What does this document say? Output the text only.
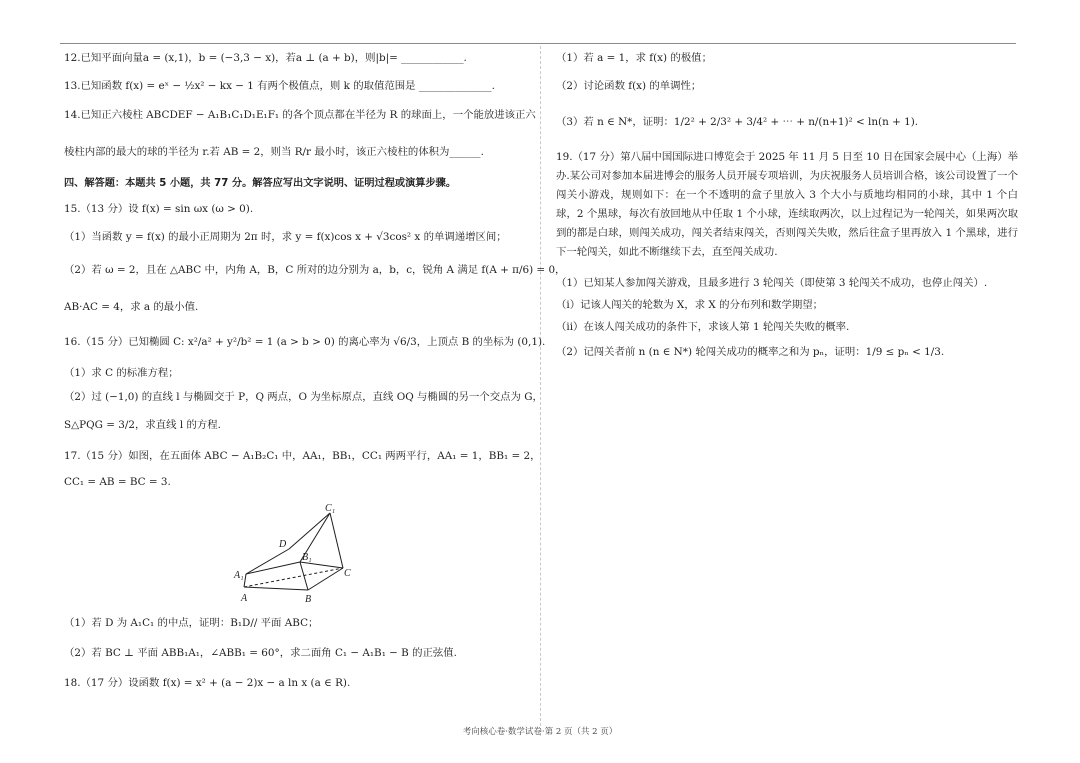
12.已知平面向量a = (x,1)，b = (−3,3 − x)，若a ⊥ (a + b)，则|b|= ____________.
13.已知函数 f(x) = eˣ − ½x² − kx − 1 有两个极值点，则 k 的取值范围是 ______________.
14.已知正六棱柱 ABCDEF − A₁B₁C₁D₁E₁F₁ 的各个顶点都在半径为 R 的球面上，一个能放进该正六
棱柱内部的最大的球的半径为 r.若 AB = 2，则当 R/r 最小时，该正六棱柱的体积为______.
四、解答题：本题共 5 小题，共 77 分。解答应写出文字说明、证明过程或演算步骤。
15.（13 分）设 f(x) = sin ωx (ω > 0).
（1）当函数 y = f(x) 的最小正周期为 2π 时，求 y = f(x)cos x + √3cos² x 的单调递增区间；
（2）若 ω = 2，且在 △ABC 中，内角 A，B，C 所对的边分别为 a，b，c，锐角 A 满足 f(A + π/6) = 0，
AB·AC = 4，求 a 的最小值.
16.（15 分）已知椭圆 C: x²/a² + y²/b² = 1 (a > b > 0) 的离心率为 √6/3，上顶点 B 的坐标为 (0,1).
（1）求 C 的标准方程；
（2）过 (−1,0) 的直线 l 与椭圆交于 P，Q 两点，O 为坐标原点，直线 OQ 与椭圆的另一个交点为 G，
S△PQG = 3/2，求直线 l 的方程.
17.（15 分）如图，在五面体 ABC − A₁B₂C₁ 中，AA₁，BB₁，CC₁ 两两平行，AA₁ = 1，BB₁ = 2，
CC₁ = AB = BC = 3.
（1）若 D 为 A₁C₁ 的中点，证明：B₁D// 平面 ABC；
（2）若 BC ⊥ 平面 ABB₁A₁，∠ABB₁ = 60°，求二面角 C₁ − A₁B₁ − B 的正弦值.
18.（17 分）设函数 f(x) = x² + (a − 2)x − a ln x (a ∈ R).
C₁
D
B₁
A₁	C
A	B
（1）若 a = 1，求 f(x) 的极值；
（2）讨论函数 f(x) 的单调性；
（3）若 n ∈ N*，证明：1/2² + 2/3² + 3/4² + ⋯ + n/(n+1)² < ln(n + 1).
19.（17 分）第八届中国国际进口博览会于 2025 年 11 月 5 日至 10 日在国家会展中心（上海）举办.某公司对参加本届进博会的服务人员开展专项培训，为庆祝服务人员培训合格，该公司设置了一个闯关小游戏，规则如下：在一个不透明的盒子里放入 3 个大小与质地均相同的小球，其中 1 个白球，2 个黑球，每次有放回地从中任取 1 个小球，连续取两次，以上过程记为一轮闯关，如果两次取到的都是白球，则闯关成功，闯关者结束闯关，否则闯关失败，然后往盒子里再放入 1 个黑球，进行下一轮闯关，如此不断继续下去，直至闯关成功.
（1）已知某人参加闯关游戏，且最多进行 3 轮闯关（即使第 3 轮闯关不成功，也停止闯关）.
（i）记该人闯关的轮数为 X，求 X 的分布列和数学期望；
（ii）在该人闯关成功的条件下，求该人第 1 轮闯关失败的概率.
（2）记闯关者前 n (n ∈ N*) 轮闯关成功的概率之和为 pₙ，证明：1/9 ≤ pₙ < 1/3.
考向核心卷·数学试卷·第 2 页（共 2 页）
